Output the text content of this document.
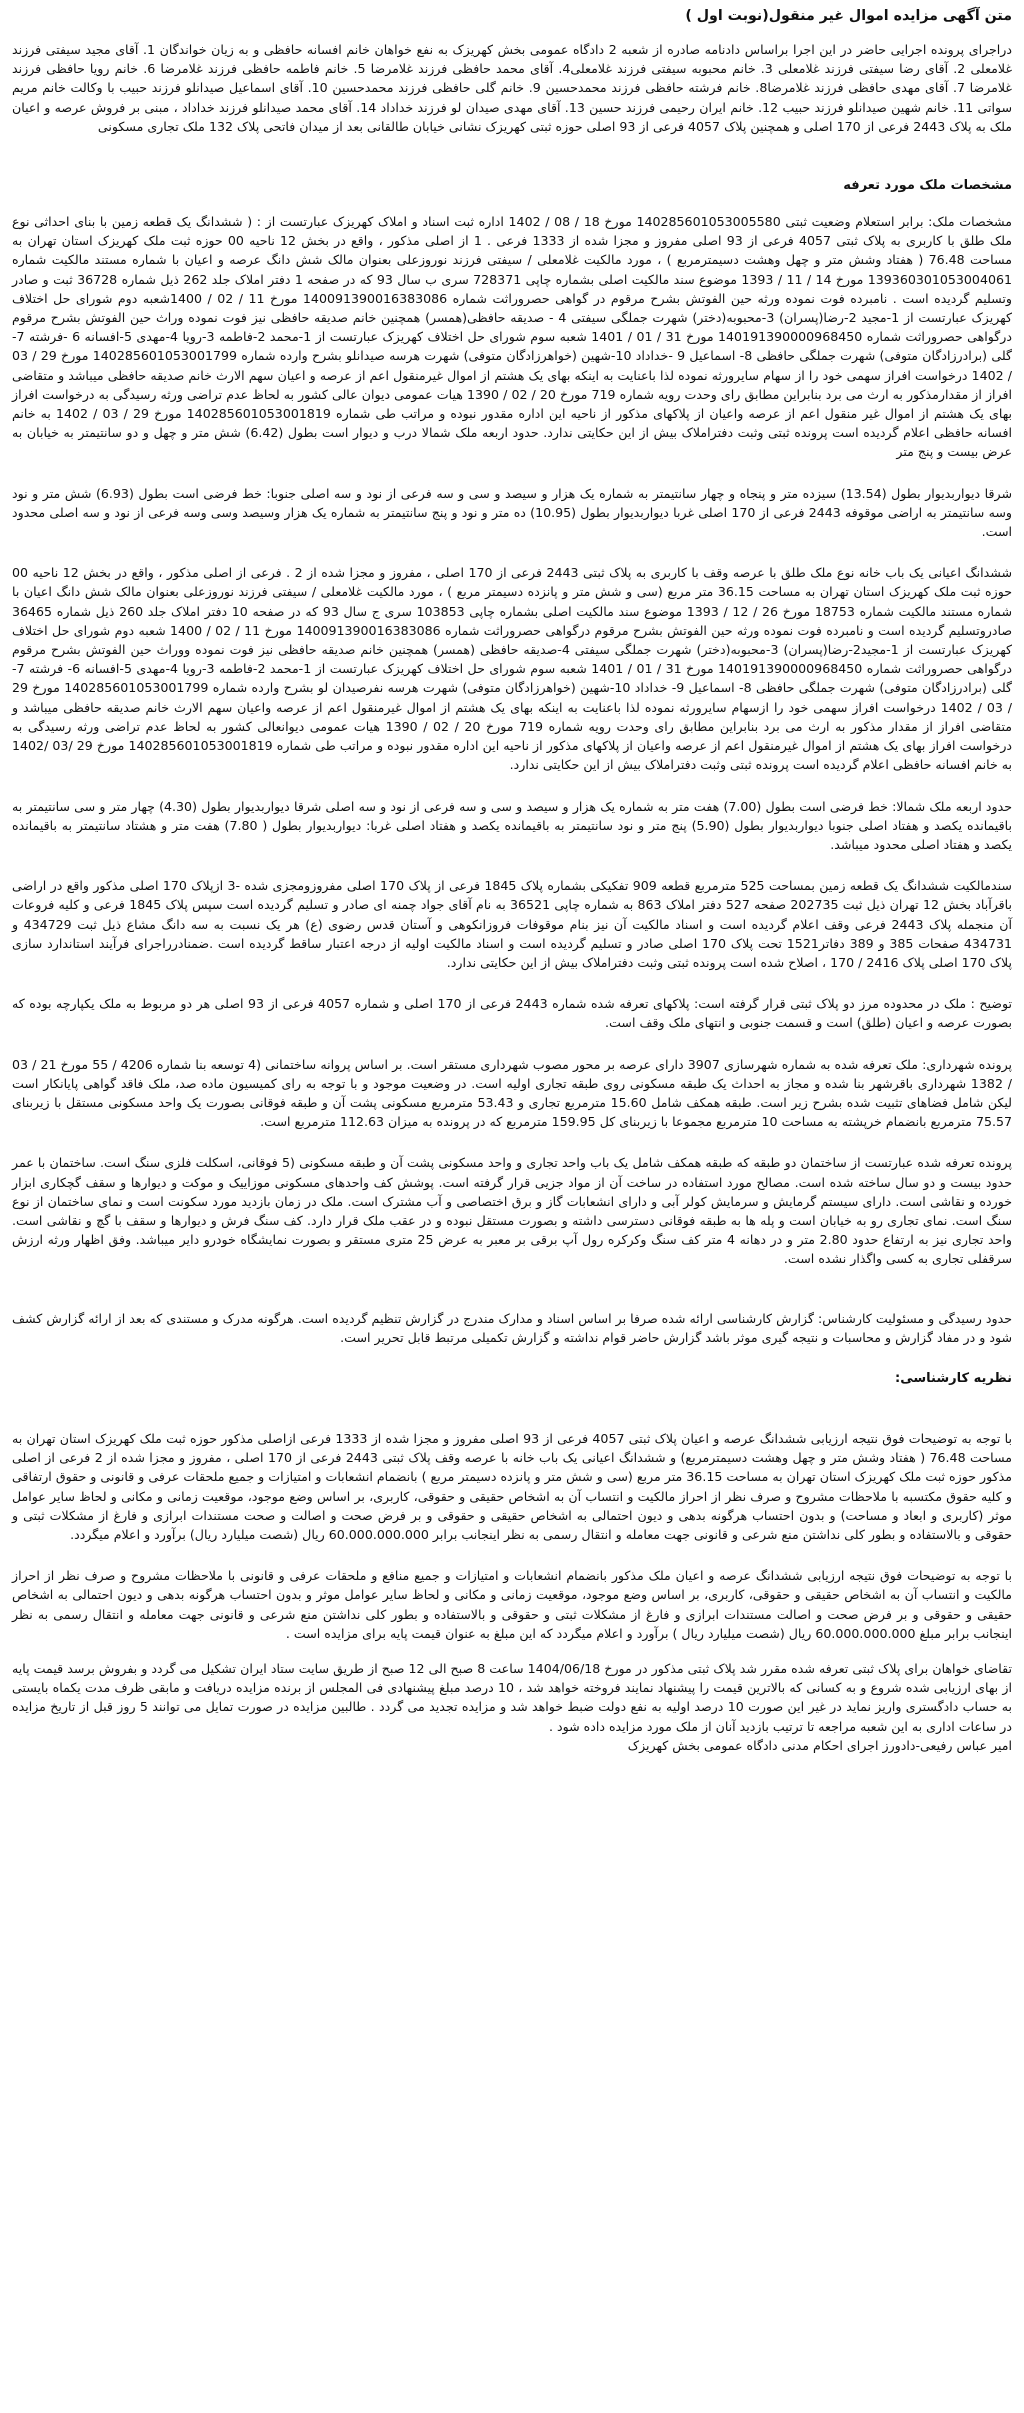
متن آگهی مزایده اموال غیر منقول(نوبت اول )

دراجرای پرونده اجرایی حاضر در این اجرا براساس دادنامه صادره از شعبه 2 دادگاه عمومی بخش کهریزک به نفع خواهان خانم افسانه حافظی و به زیان خواندگان 1. آقای مجید سیفتی فرزند غلامعلی 2. آقای رضا سیفتی فرزند غلامعلی 3. خانم محبوبه سیفتی فرزند غلامعلی4. آقای محمد حافظی فرزند غلامرضا 5. خانم فاطمه حافظی فرزند غلامرضا 6. خانم رویا حافظی فرزند غلامرضا 7. آقای مهدی حافظی فرزند غلامرضا8. خانم فرشته حافظی فرزند محمدحسین 9. خانم گلی حافظی فرزند محمدحسین 10. آقای اسماعیل صیدانلو فرزند حبیب با وکالت خانم مریم سواتی 11. خانم شهین صیدانلو فرزند حبیب 12. خانم ایران رحیمی فرزند حسین 13. آقای مهدی صیدان لو فرزند خداداد 14. آقای محمد صیدانلو فرزند خداداد ، مبنی بر فروش عرصه و اعیان ملک به پلاک 2443 فرعی از 170 اصلی و همچنین پلاک 4057 فرعی از 93 اصلی حوزه ثبتی کهریزک نشانی خیابان طالقانی بعد از میدان فاتحی پلاک 132 ملک تجاری مسکونی

مشخصات ملک مورد تعرفه

مشخصات ملک: برابر استعلام وضعیت ثبتی 140285601053005580 مورخ 18 / 08 / 1402 اداره ثبت اسناد و املاک کهریزک عبارتست از : ( ششدانگ یک قطعه زمین با بنای احداثی نوع ملک طلق با کاربری به پلاک ثبتی 4057 فرعی از 93 اصلی مفروز و مجزا شده از 1333 فرعی . 1 از اصلی مذکور ، واقع در بخش 12 ناحیه 00 حوزه ثبت ملک کهریزک استان تهران به مساحت 76.48 ( هفتاد وشش متر و چهل وهشت دسیمترمربع ) ، مورد مالکیت غلامعلی / سیفتی فرزند نوروزعلی بعنوان مالک شش دانگ عرصه و اعیان با شماره مستند مالکیت شماره 139360301053004061 مورخ 14 / 11 / 1393 موضوع سند مالکیت اصلی بشماره چاپی 728371 سری ب سال 93 که در صفحه 1 دفتر املاک جلد 262 ذیل شماره 36728 ثبت و صادر وتسلیم گردیده است . نامبرده فوت نموده ورثه حین الفوتش بشرح مرقوم در گواهی حصروراثت شماره 140091390016383086 مورخ 11 / 02 / 1400شعبه دوم شورای حل اختلاف کهریزک عبارتست از 1-مجید 2-رضا(پسران) 3-محبوبه(دختر) شهرت جملگی سیفتی 4 - صدیقه حافظی(همسر) همچنین خانم صدیقه حافظی نیز فوت نموده وراث حین الفوتش بشرح مرقوم درگواهی حصروراثت شماره 140191390000968450 مورخ 31 / 01 / 1401 شعبه سوم شورای حل اختلاف کهریزک عبارتست از 1-محمد 2-فاطمه 3-رویا 4-مهدی 5-افسانه 6 -فرشته 7-گلی (برادرزادگان متوفی) شهرت جملگی حافظی 8- اسماعیل 9 -خداداد 10-شهین (خواهرزادگان متوفی) شهرت هرسه صیدانلو بشرح وارده شماره 140285601053001799 مورخ 29 / 03 / 1402 درخواست افراز سهمی خود را از سهام سایرورثه نموده لذا باعنایت به اینکه بهای یک هشتم از اموال غیرمنقول اعم از عرصه و اعیان سهم الارث خانم صدیقه حافظی میباشد و متقاضی افراز از مقدارمذکور به ارث می برد بنابراین مطابق رای وحدت رویه شماره 719 مورخ 20 / 02 / 1390 هیات عمومی دیوان عالی کشور به لحاظ عدم تراضی ورثه رسیدگی به درخواست افراز بهای یک هشتم از اموال غیر منقول اعم از عرصه واعیان از پلاکهای مذکور از ناحیه این اداره مقدور نبوده و مراتب طی شماره 140285601053001819 مورخ 29 / 03 / 1402 به خانم افسانه حافظی اعلام گردیده است پرونده ثبتی وثبت دفتراملاک بیش از این حکایتی ندارد. حدود اربعه ملک شمالا درب و دیوار است بطول (6.42) شش متر و چهل و دو سانتیمتر به خیابان به عرض بیست و پنج متر

شرقا دیواربدیوار بطول (13.54) سیزده متر و پنجاه و چهار سانتیمتر به شماره یک هزار و سیصد و سی و سه فرعی از نود و سه اصلی جنوبا: خط فرضی است بطول (6.93) شش متر و نود وسه سانتیمتر به اراضی موقوفه 2443 فرعی از 170 اصلی غربا دیواربدیوار بطول (10.95) ده متر و نود و پنج سانتیمتر به شماره یک هزار وسیصد وسی وسه فرعی از نود و سه اصلی محدود است.

ششدانگ اعیانی یک باب خانه نوع ملک طلق با عرصه وقف با کاربری به پلاک ثبتی 2443 فرعی از 170 اصلی ، مفروز و مجزا شده از 2 . فرعی از اصلی مذکور ، واقع در بخش 12 ناحیه 00 حوزه ثبت ملک کهریزک استان تهران به مساحت 36.15 متر مربع (سی و شش متر و پانزده دسیمتر مربع ) ، مورد مالکیت غلامعلی / سیفتی فرزند نوروزعلی بعنوان مالک شش دانگ اعیان با شماره مستند مالکیت شماره 18753 مورخ 26 / 12 / 1393 موضوع سند مالکیت اصلی بشماره چاپی 103853 سری ج سال 93 که در صفحه 10 دفتر املاک جلد 260 ذیل شماره 36465 صادروتسلیم گردیده است و نامبرده فوت نموده ورثه حین الفوتش بشرح مرقوم درگواهی حصروراثت شماره 140091390016383086 مورخ 11 / 02 / 1400 شعبه دوم شورای حل اختلاف کهریزک عبارتست از 1-مجید2-رضا(پسران) 3-محبوبه(دختر) شهرت جملگی سیفتی 4-صدیقه حافظی (همسر) همچنین خانم صدیقه حافظی نیز فوت نموده ووراث حین الفوتش بشرح مرقوم درگواهی حصروراثت شماره 140191390000968450 مورخ 31 / 01 / 1401 شعبه سوم شورای حل اختلاف کهریزک عبارتست از 1-محمد 2-فاطمه 3-رویا 4-مهدی 5-افسانه 6- فرشته 7-گلی (برادرزادگان متوفی) شهرت جملگی حافظی 8- اسماعیل 9- خداداد 10-شهین (خواهرزادگان متوفی) شهرت هرسه نفرصیدان لو بشرح وارده شماره 140285601053001799 مورخ 29 / 03 / 1402 درخواست افراز سهمی خود را ازسهام سایرورثه نموده لذا باعنایت به اینکه بهای یک هشتم از اموال غیرمنقول اعم از عرصه واعیان سهم الارث خانم صدیقه حافظی میباشد و متقاضی افراز از مقدار مذکور به ارث می برد بنابراین مطابق رای وحدت رویه شماره 719 مورخ 20 / 02 / 1390 هیات عمومی دیوانعالی کشور به لحاظ عدم تراضی ورثه رسیدگی به درخواست افراز بهای یک هشتم از اموال غیرمنقول اعم از عرصه واعیان از پلاکهای مذکور از ناحیه این اداره مقدور نبوده و مراتب طی شماره 140285601053001819 مورخ 29 /03 /1402 به خانم افسانه حافظی اعلام گردیده است پرونده ثبتی وثبت دفتراملاک بیش از این حکایتی ندارد.

حدود اربعه ملک شمالا: خط فرضی است بطول (7.00) هفت متر به شماره یک هزار و سیصد و سی و سه فرعی از نود و سه اصلی شرقا دیواربدیوار بطول (4.30) چهار متر و سی سانتیمتر به باقیمانده یکصد و هفتاد اصلی جنوبا دیواربدیوار بطول (5.90) پنج متر و نود سانتیمتر به باقیمانده یکصد و هفتاد اصلی غربا: دیواربدیوار بطول ( 7.80) هفت متر و هشتاد سانتیمتر به باقیمانده یکصد و هفتاد اصلی محدود میباشد.

سندمالکیت ششدانگ یک قطعه زمین بمساحت 525 مترمربع قطعه 909 تفکیکی بشماره پلاک 1845 فرعی از پلاک 170 اصلی مفروزومجزی شده -3 ازپلاک 170 اصلی مذکور واقع در اراضی باقرآباد بخش 12 تهران ذیل ثبت 202735 صفحه 527 دفتر املاک 863 به شماره چاپی 36521 به نام آقای جواد چمنه ای صادر و تسلیم گردیده است سپس پلاک 1845 فرعی و کلیه فروعات آن منجمله پلاک 2443 فرعی وقف اعلام گردیده است و اسناد مالکیت آن نیز بنام موقوفات فروزانکوهی و آستان قدس رضوی (ع) هر یک نسبت به سه دانگ مشاع ذیل ثبت 434729 و 434731 صفحات 385 و 389 دفاتر1521 تحت پلاک 170 اصلی صادر و تسلیم گردیده است و اسناد مالکیت اولیه از درجه اعتبار ساقط گردیده است .ضمنادرراجرای فرآیند استاندارد سازی پلاک 170 اصلی پلاک 2416 / 170 ، اصلاح شده است پرونده ثبتی وثبت دفتراملاک بیش از این حکایتی ندارد.

توضیح : ملک در محدوده مرز دو پلاک ثبتی قرار گرفته است: پلاکهای تعرفه شده شماره 2443 فرعی از 170 اصلی و شماره 4057 فرعی از 93 اصلی هر دو مربوط به ملک یکپارچه بوده که بصورت عرصه و اعیان (طلق) است و قسمت جنوبی و انتهای ملک وقف است.

پرونده شهرداری: ملک تعرفه شده به شماره شهرسازی 3907 دارای عرصه بر محور مصوب شهرداری مستقر است. بر اساس پروانه ساختمانی (4 توسعه بنا شماره 4206 / 55 مورخ 21 / 03 / 1382 شهرداری باقرشهر بنا شده و مجاز به احداث یک طبقه مسکونی روی طبقه تجاری اولیه است. در وضعیت موجود و با توجه به رای کمیسیون ماده صد، ملک فاقد گواهی پایانکار است لیکن شامل فضاهای تثبیت شده بشرح زیر است. طبقه همکف شامل 15.60 مترمربع تجاری و 53.43 مترمربع مسکونی پشت آن و طبقه فوقانی بصورت یک واحد مسکونی مستقل با زیربنای 75.57 مترمربع بانضمام خرپشته به مساحت 10 مترمربع مجموعا با زیربنای کل 159.95 مترمربع که در پرونده به میزان 112.63 مترمربع است.

پرونده تعرفه شده عبارتست از ساختمان دو طبقه که طبقه همکف شامل یک باب واحد تجاری و واحد مسکونی پشت آن و طبقه مسکونی (5 فوقانی، اسکلت فلزی سنگ است. ساختمان با عمر حدود بیست و دو سال ساخته شده است. مصالح مورد استفاده در ساخت آن از مواد جزیی قرار گرفته است. پوشش کف واحدهای مسکونی موزاییک و موکت و دیوارها و سقف گچکاری ابزار خورده و نقاشی است. دارای سیستم گرمایش و سرمایش کولر آبی و دارای انشعابات گاز و برق اختصاصی و آب مشترک است. ملک در زمان بازدید مورد سکونت است و نمای ساختمان از نوع سنگ است. نمای تجاری رو به خیابان است و پله ها به طبقه فوقانی دسترسی داشته و بصورت مستقل نبوده و در عقب ملک قرار دارد. کف سنگ فرش و دیوارها و سقف با گچ و نقاشی است. واحد تجاری نیز به ارتفاع حدود 2.80 متر و در دهانه 4 متر کف سنگ وکرکره رول آپ برقی بر معبر به عرض 25 متری مستقر و بصورت نمایشگاه خودرو دایر میباشد. وفق اظهار ورثه ارزش سرقفلی تجاری به کسی واگذار نشده است.

حدود رسیدگی و مسئولیت کارشناس: گزارش کارشناسی ارائه شده صرفا بر اساس اسناد و مدارک مندرج در گزارش تنظیم گردیده است. هرگونه مدرک و مستندی که بعد از ارائه گزارش کشف شود و در مفاد گزارش و محاسبات و نتیجه گیری موثر باشد گزارش حاضر قوام نداشته و گزارش تکمیلی مرتبط قابل تحریر است.

نظریه کارشناسی:

با توجه به توضیحات فوق نتیجه ارزیابی ششدانگ عرصه و اعیان پلاک ثبتی 4057 فرعی از 93 اصلی مفروز و مجزا شده از 1333 فرعی ازاصلی مذکور حوزه ثبت ملک کهریزک استان تهران به مساحت 76.48 ( هفتاد وشش متر و چهل وهشت دسیمترمربع) و ششدانگ اعیانی یک باب خانه با عرصه وقف پلاک ثبتی 2443 فرعی از 170 اصلی ، مفروز و مجزا شده از 2 فرعی از اصلی مذکور حوزه ثبت ملک کهریزک استان تهران به مساحت 36.15 متر مربع (سی و شش متر و پانزده دسیمتر مربع ) بانضمام انشعابات و امتیازات و جمیع ملحقات عرفی و قانونی و حقوق ارتفاقی و کلیه حقوق مکتسبه با ملاحظات مشروح و صرف نظر از احراز مالکیت و انتساب آن به اشخاص حقیقی و حقوقی، کاربری، بر اساس وضع موجود، موقعیت زمانی و مکانی و لحاظ سایر عوامل موثر (کاربری و ابعاد و مساحت) و بدون احتساب هرگونه بدهی و دیون احتمالی به اشخاص حقیقی و حقوقی و بر فرض صحت و اصالت و صحت مستندات ابرازی و فارغ از مشکلات ثبتی و حقوقی و بالاستفاده و بطور کلی نداشتن منع شرعی و قانونی جهت معامله و انتقال رسمی به نظر اینجانب برابر 60.000.000.000 ريال (شصت میلیارد ريال) برآورد و اعلام میگردد.

با توجه به توضیحات فوق نتیجه ارزیابی ششدانگ عرصه و اعیان ملک مذکور بانضمام انشعابات و امتیازات و جمیع منافع و ملحقات عرفی و قانونی با ملاحظات مشروح و صرف نظر از احراز مالکیت و انتساب آن به اشخاص حقیقی و حقوقی، کاربری، بر اساس وضع موجود، موقعیت زمانی و مکانی و لحاظ سایر عوامل موثر و بدون احتساب هرگونه بدهی و دیون احتمالی به اشخاص حقیقی و حقوقی و بر فرض صحت و اصالت مستندات ابرازی و فارغ از مشکلات ثبتی و حقوقی و بالاستفاده و بطور کلی نداشتن منع شرعی و قانونی جهت معامله و انتقال رسمی به نظر اینجانب برابر مبلغ 60.000.000.000 ريال (شصت میلیارد ريال ) برآورد و اعلام میگردد که این مبلغ به عنوان قیمت پایه برای مزایده است .

تقاضای خواهان برای پلاک ثبتی تعرفه شده مقرر شد پلاک ثبتی مذکور در مورخ 1404/06/18 ساعت 8 صبح الی 12 صبح از طریق سایت ستاد ایران تشکیل می گردد و بفروش برسد قیمت پایه از بهای ارزیابی شده شروع و به کسانی که بالاترین قیمت را پیشنهاد نمایند فروخته خواهد شد ، 10 درصد مبلغ پیشنهادی فی المجلس از برنده مزایده دریافت و مابقی ظرف مدت یکماه بایستی به حساب دادگستری واریز نماید در غیر این صورت 10 درصد اولیه به نفع دولت ضبط خواهد شد و مزایده تجدید می گردد . طالبین مزایده در صورت تمایل می توانند 5 روز قبل از تاریخ مزایده در ساعات اداری به این شعبه مراجعه تا ترتیب بازدید آنان از ملک مورد مزایده داده شود .

امیر عباس رفیعی-دادورز اجرای احکام مدنی دادگاه عمومی بخش کهریزک
